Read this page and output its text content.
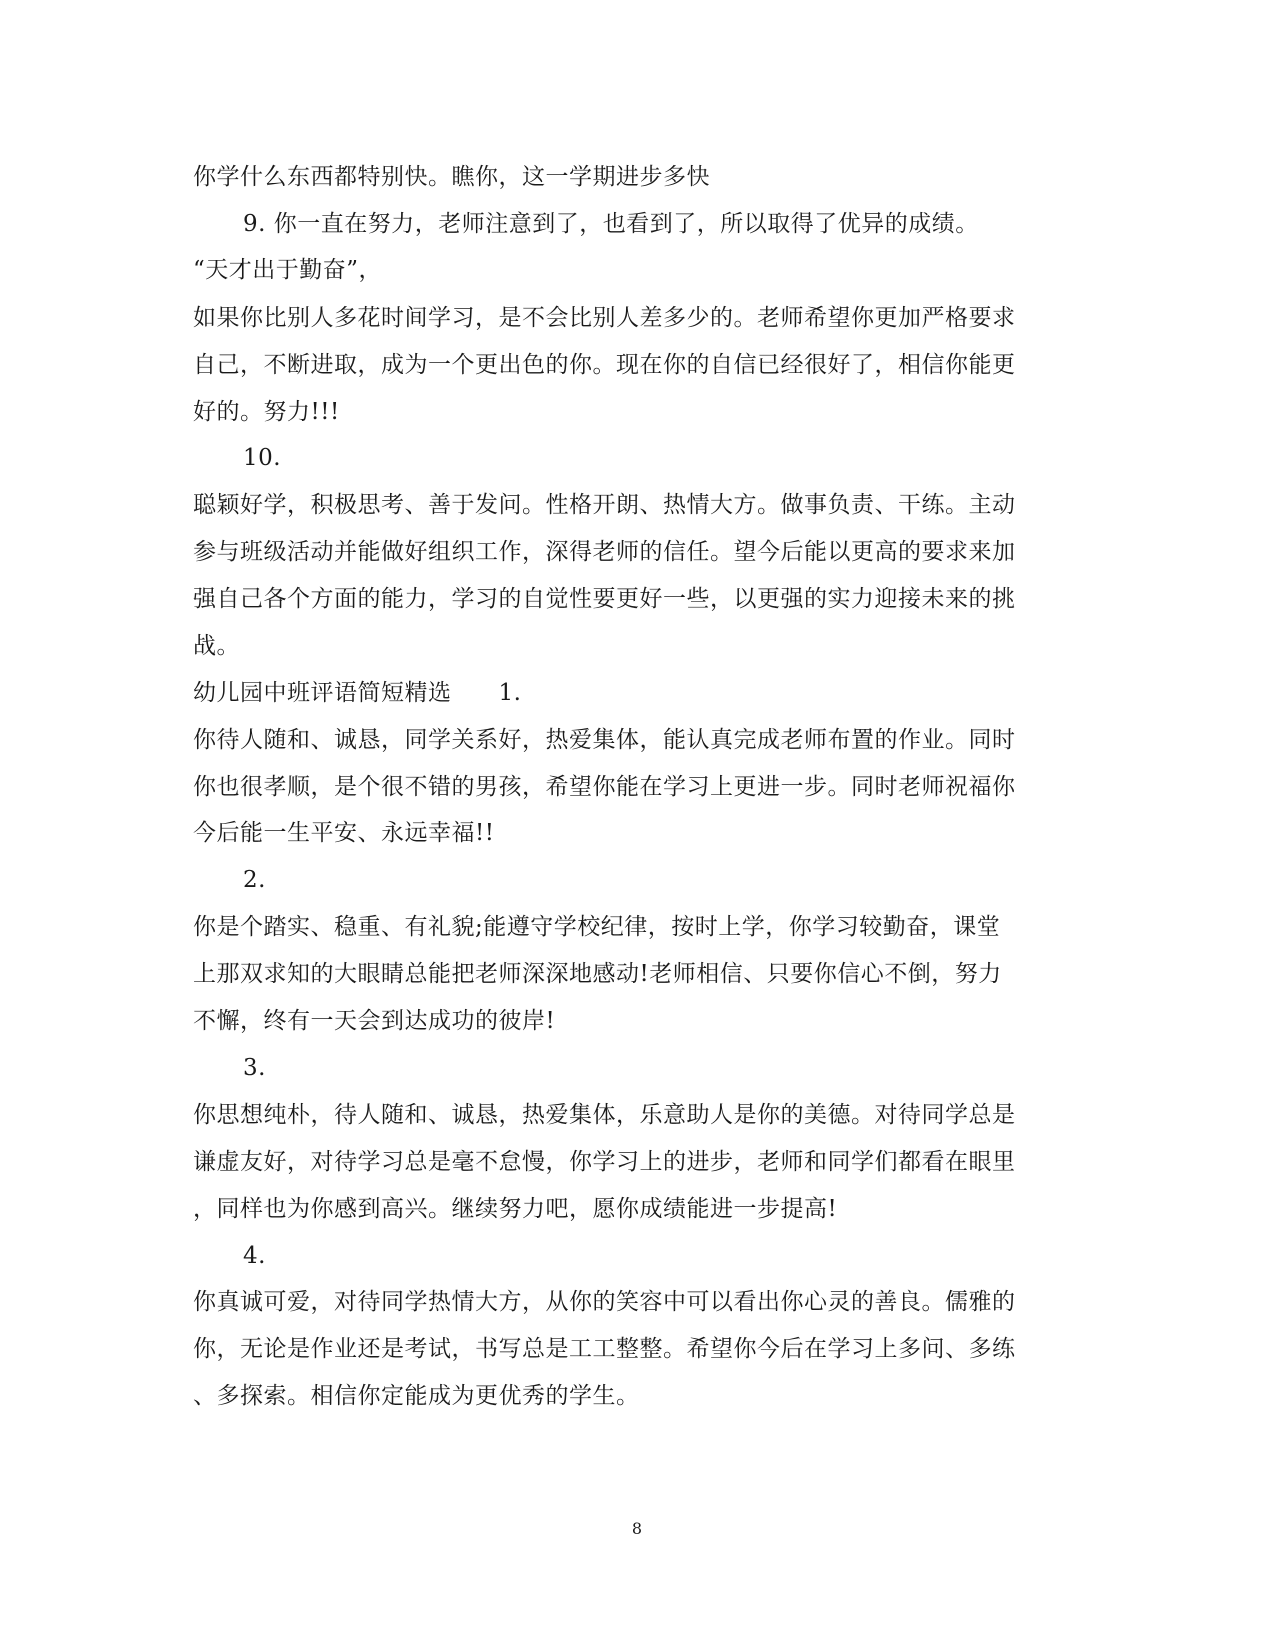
你学什么东西都特别快。瞧你，这一学期进步多快
9. 你一直在努力，老师注意到了，也看到了，所以取得了优异的成绩。
“天才出于勤奋”，
如果你比别人多花时间学习，是不会比别人差多少的。老师希望你更加严格要求
自己，不断进取，成为一个更出色的你。现在你的自信已经很好了，相信你能更
好的。努力!!!
10.
聪颖好学，积极思考、善于发问。性格开朗、热情大方。做事负责、干练。主动
参与班级活动并能做好组织工作，深得老师的信任。望今后能以更高的要求来加
强自己各个方面的能力，学习的自觉性要更好一些，以更强的实力迎接未来的挑
战。
幼儿园中班评语简短精选　　1.
你待人随和、诚恳，同学关系好，热爱集体，能认真完成老师布置的作业。同时
你也很孝顺，是个很不错的男孩，希望你能在学习上更进一步。同时老师祝福你
今后能一生平安、永远幸福!!
2.
你是个踏实、稳重、有礼貌;能遵守学校纪律，按时上学，你学习较勤奋，课堂
上那双求知的大眼睛总能把老师深深地感动!老师相信、只要你信心不倒，努力
不懈，终有一天会到达成功的彼岸!
3.
你思想纯朴，待人随和、诚恳，热爱集体，乐意助人是你的美德。对待同学总是
谦虚友好，对待学习总是毫不怠慢，你学习上的进步，老师和同学们都看在眼里
，同样也为你感到高兴。继续努力吧，愿你成绩能进一步提高!
4.
你真诚可爱，对待同学热情大方，从你的笑容中可以看出你心灵的善良。儒雅的
你，无论是作业还是考试，书写总是工工整整。希望你今后在学习上多问、多练
、多探索。相信你定能成为更优秀的学生。
8
